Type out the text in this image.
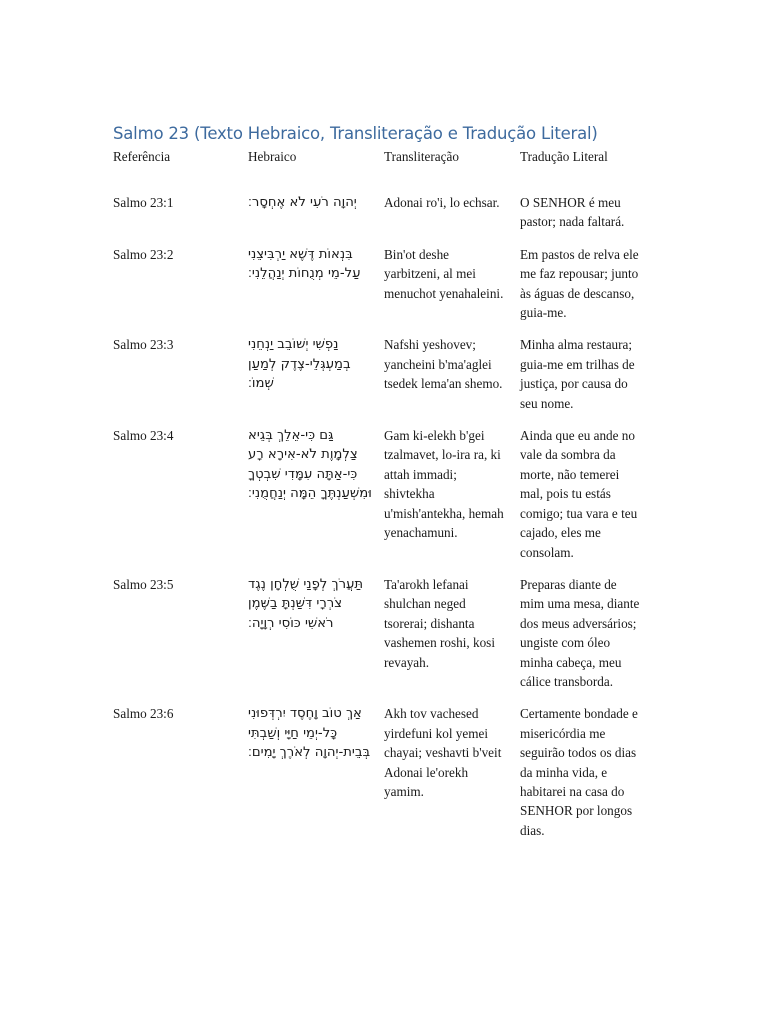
Salmo 23 (Texto Hebraico, Transliteração e Tradução Literal)
Referência	Hebraico	Transliteração	Tradução Literal
Salmo 23:1	יְהוָה רֹעִי לֹא אֶחְסָר׃	Adonai ro'i, lo echsar.	O SENHOR é meu pastor; nada faltará.
Salmo 23:2	בִּנְאוֹת דֶּשֶׁא יַרְבִּיצֵנִי עַל-מֵי מְנֻחוֹת יְנַהֲלֵנִי׃	Bin'ot deshe yarbitzeni, al mei menuchot yenahaleini.	Em pastos de relva ele me faz repousar; junto às águas de descanso, guia-me.
Salmo 23:3	נַפְשִׁי יְשׁוֹבֵב יַנְחֵנִי בְמַעְגְּלֵי-צֶדֶק לְמַעַן שְׁמוֹ׃	Nafshi yeshovev; yancheini b'ma'aglei tsedek lema'an shemo.	Minha alma restaura; guia-me em trilhas de justiça, por causa do seu nome.
Salmo 23:4	גַּם כִּי-אֵלֵךְ בְּגֵיא צַלְמָוֶת לֹא-אִירָא רָע כִּי-אַתָּה עִמָּדִי שִׁבְטְךָ וּמִשְׁעַנְתֶּךָ הֵמָּה יְנַחֲמֻנִי׃	Gam ki-elekh b'gei tzalmavet, lo-ira ra, ki attah immadi; shivtekha u'mish'antekha, hemah yenachamuni.	Ainda que eu ande no vale da sombra da morte, não temerei mal, pois tu estás comigo; tua vara e teu cajado, eles me consolam.
Salmo 23:5	תַּעֲרֹךְ לְפָנַי שֻׁלְחָן נֶגֶד צֹרְרָי דִּשַּׁנְתָּ בַשֶּׁמֶן רֹאשִׁי כּוֹסִי רְוָיָה׃	Ta'arokh lefanai shulchan neged tsorerai; dishanta vashemen roshi, kosi revayah.	Preparas diante de mim uma mesa, diante dos meus adversários; ungiste com óleo minha cabeça, meu cálice transborda.
Salmo 23:6	אַךְ טוֹב וָחֶסֶד יִרְדְּפוּנִי כָּל-יְמֵי חַיָּי וְשַׁבְתִּי בְּבֵית-יְהוָה לְאֹרֶךְ יָמִים׃	Akh tov vachesed yirdefuni kol yemei chayai; veshavti b'veit Adonai le'orekh yamim.	Certamente bondade e misericórdia me seguirão todos os dias da minha vida, e habitarei na casa do SENHOR por longos dias.
